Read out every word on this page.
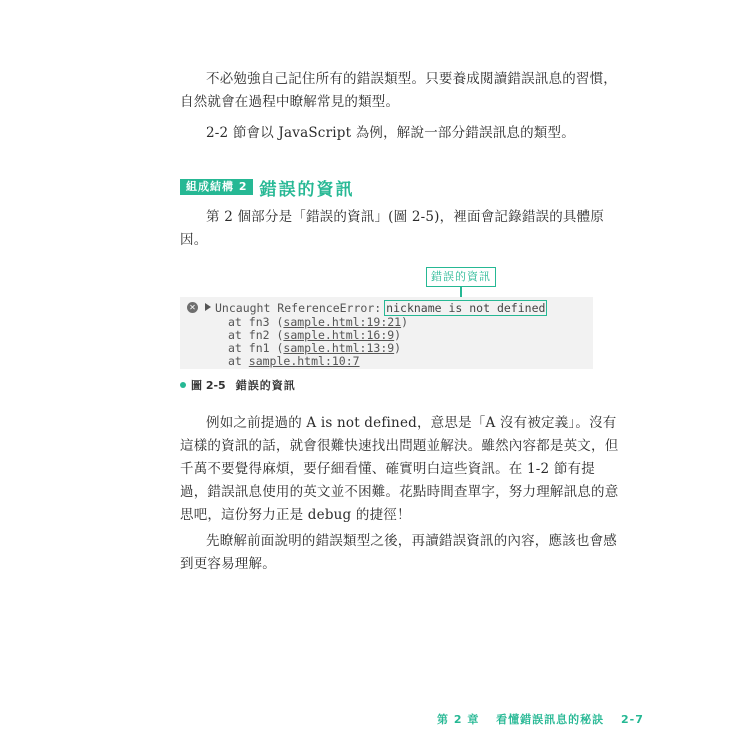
不必勉強自己記住所有的錯誤類型。只要養成閱讀錯誤訊息的習慣，
自然就會在過程中瞭解常見的類型。
2-2 節會以 JavaScript 為例，解說一部分錯誤訊息的類型。
組成結構 2 錯誤的資訊
第 2 個部分是「錯誤的資訊」(圖 2-5)，裡面會記錄錯誤的具體原
因。
錯誤的資訊
✕ Uncaught ReferenceError: nickname is not defined
at fn3 (sample.html:19:21)
at fn2 (sample.html:16:9)
at fn1 (sample.html:13:9)
at sample.html:10:7
圖 2-5 錯誤的資訊
例如之前提過的 A is not defined，意思是「A 沒有被定義」。沒有
這樣的資訊的話，就會很難快速找出問題並解決。雖然內容都是英文，但
千萬不要覺得麻煩，要仔細看懂、確實明白這些資訊。在 1-2 節有提
過，錯誤訊息使用的英文並不困難。花點時間查單字，努力理解訊息的意
思吧，這份努力正是 debug 的捷徑！
先瞭解前面說明的錯誤類型之後，再讀錯誤資訊的內容，應該也會感
到更容易理解。
第 2 章 看懂錯誤訊息的秘訣 2-7
